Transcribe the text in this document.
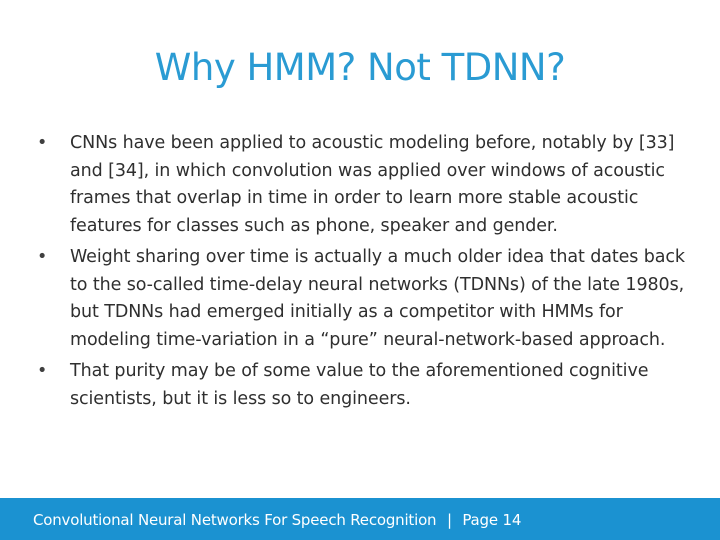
Why HMM? Not TDNN?
•	CNNs have been applied to acoustic modeling before, notably by [33] and [34], in which convolution was applied over windows of acoustic frames that overlap in time in order to learn more stable acoustic features for classes such as phone, speaker and gender.
•	Weight sharing over time is actually a much older idea that dates back to the so-called time-delay neural networks (TDNNs) of the late 1980s, but TDNNs had emerged initially as a competitor with HMMs for modeling time-variation in a “pure” neural-network-based approach.
•	That purity may be of some value to the aforementioned cognitive scientists, but it is less so to engineers.
Convolutional Neural Networks For Speech Recognition | Page 14
